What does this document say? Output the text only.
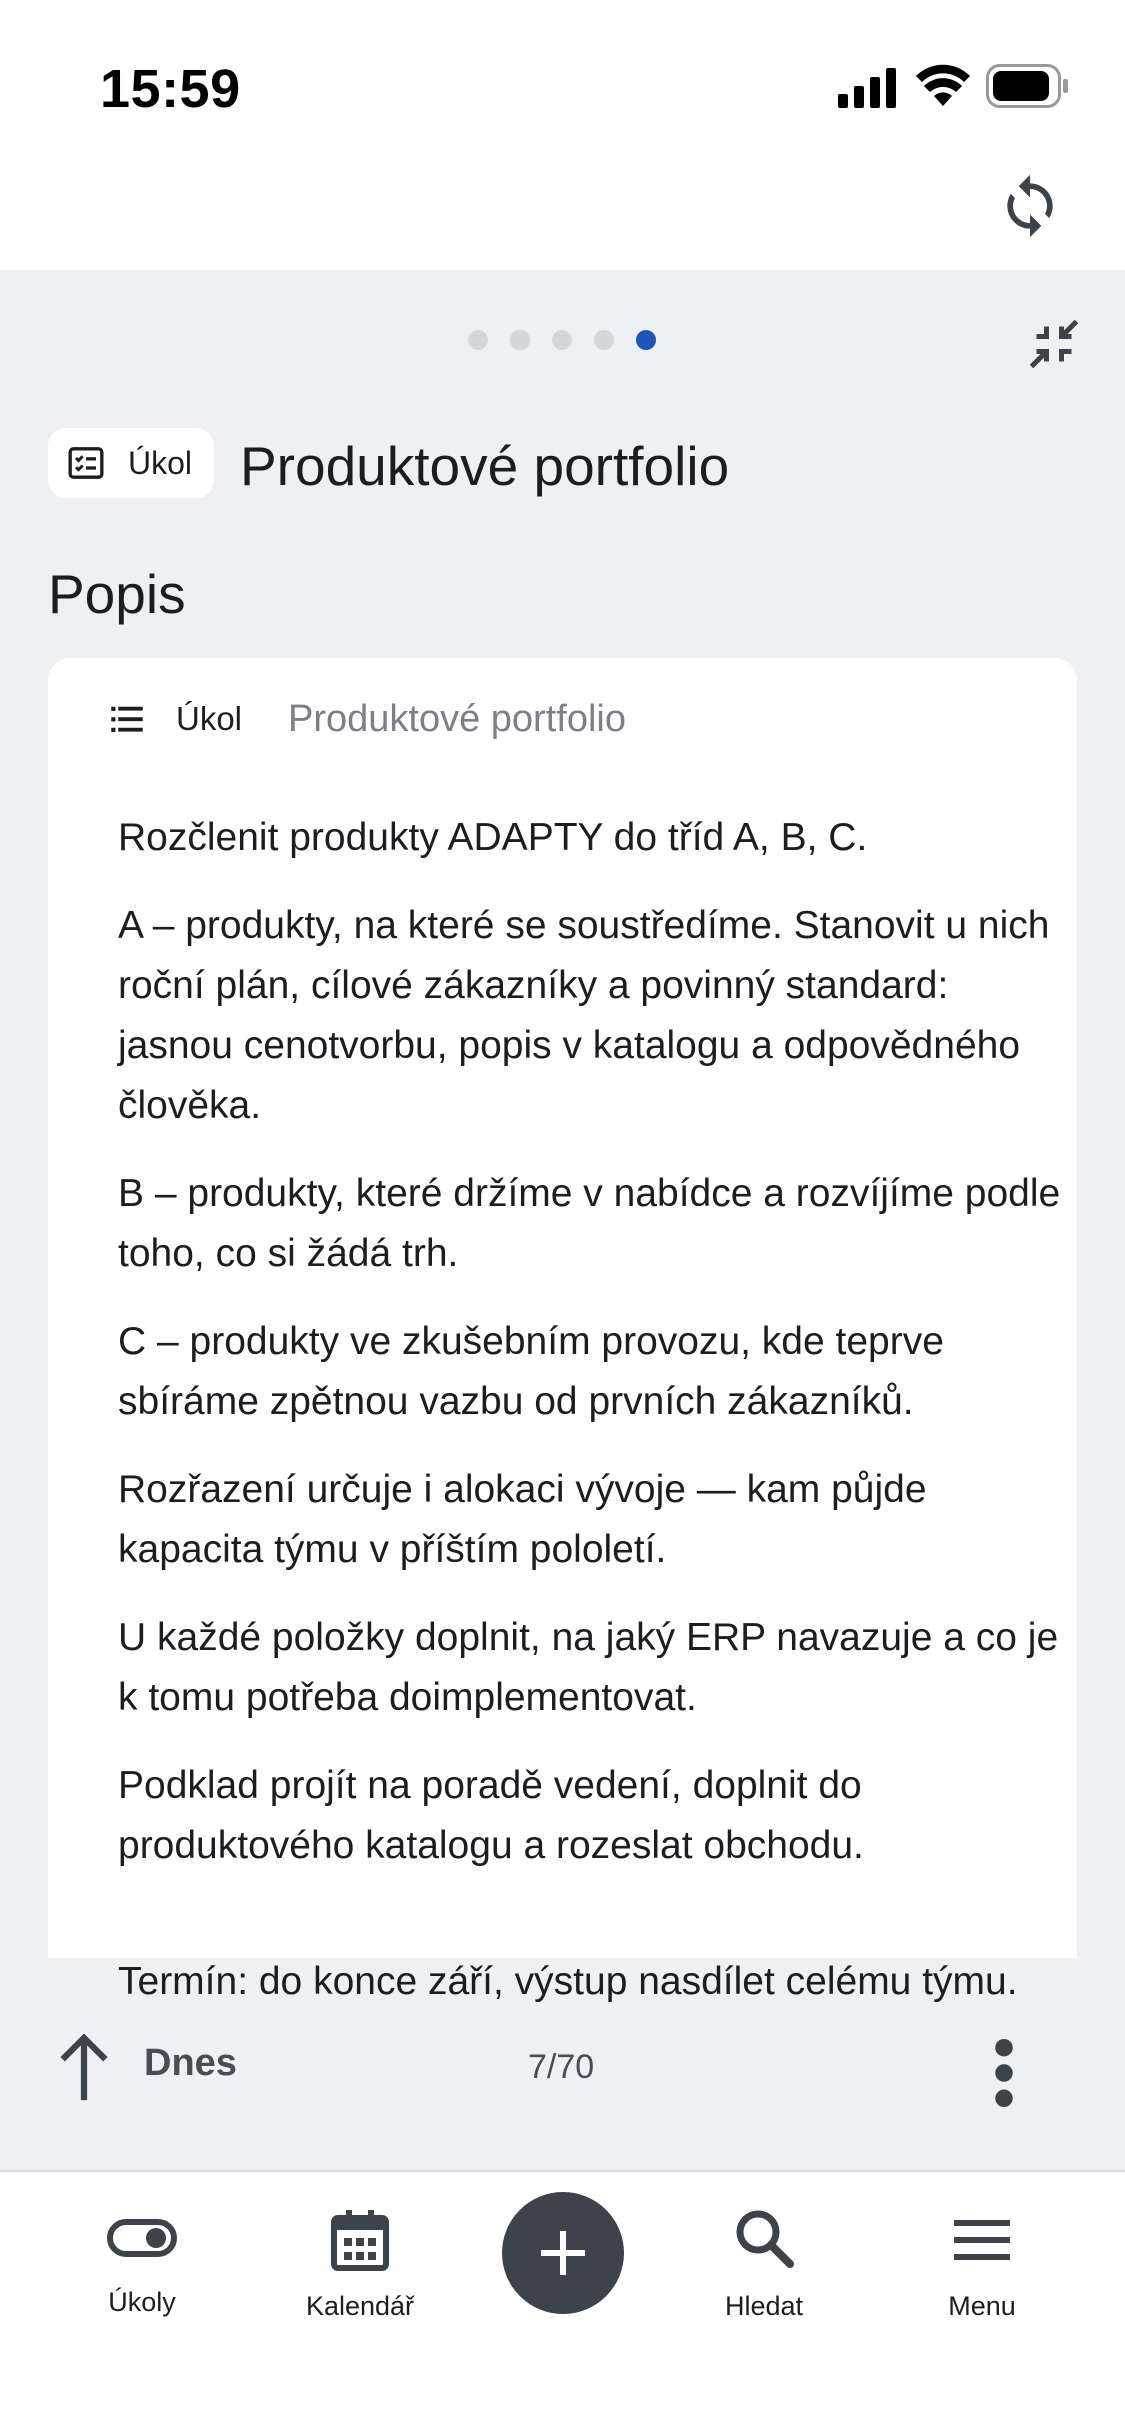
15:59
Úkol Produktové portfolio
Popis
Úkol Produktové portfolio

Rozčlenit produkty ADAPTY do tříd A, B, C.

A – produkty, na které se soustředíme. Stanovit u nich roční plán, cílové zákazníky a povinný standard: jasnou cenotvorbu, popis v katalogu a odpovědného člověka.

B – produkty, které držíme v nabídce a rozvíjíme podle toho, co si žádá trh.

C – produkty ve zkušebním provozu, kde teprve sbíráme zpětnou vazbu od prvních zákazníků.

Rozřazení určuje i alokaci vývoje — kam půjde kapacita týmu v příštím pololetí.

U každé položky doplnit, na jaký ERP navazuje a co je k tomu potřeba doimplementovat.

Podklad projít na poradě vedení, doplnit do produktového katalogu a rozeslat obchodu.

Termín: do konce září, výstup nasdílet celému týmu.
Dnes	7/70
Úkoly	Kalendář	Hledat	Menu
